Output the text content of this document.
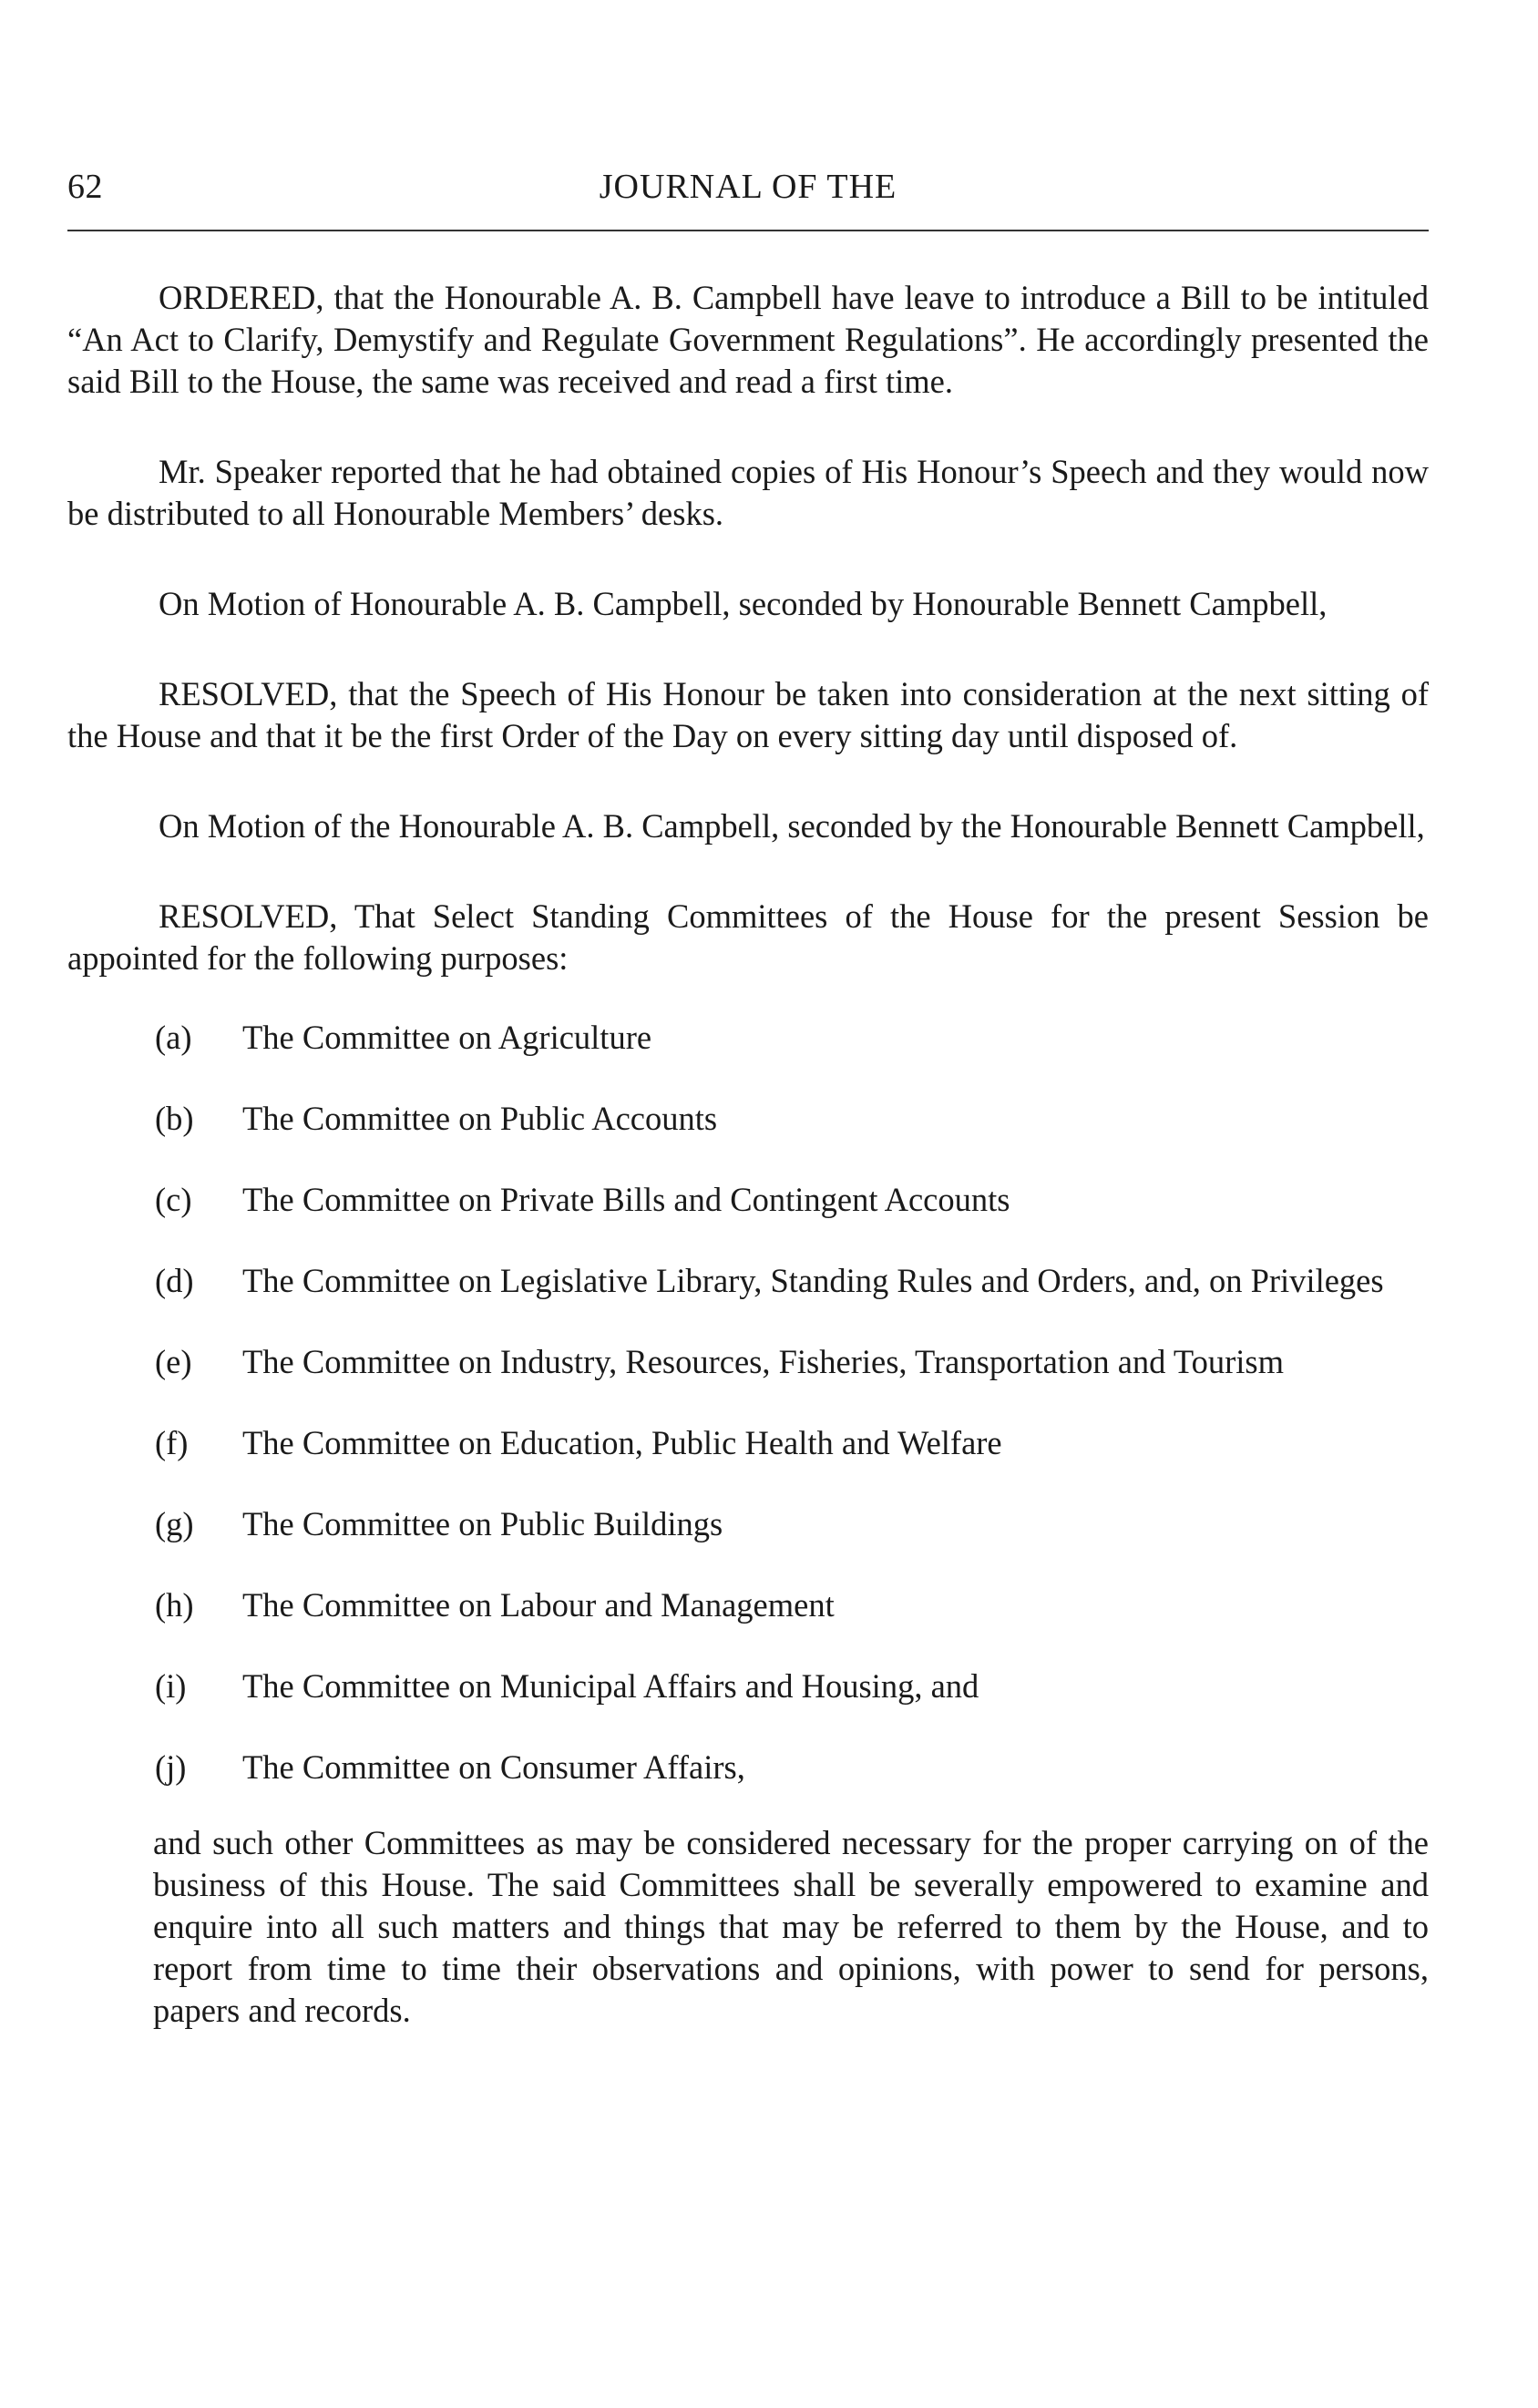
62	JOURNAL OF THE

ORDERED, that the Honourable A. B. Campbell have leave to introduce a Bill to be intituled “An Act to Clarify, Demystify and Regulate Government Regulations”. He accordingly presented the said Bill to the House, the same was received and read a first time.

Mr. Speaker reported that he had obtained copies of His Honour’s Speech and they would now be distributed to all Honourable Members’ desks.

On Motion of Honourable A. B. Campbell, seconded by Honourable Bennett Campbell,

RESOLVED, that the Speech of His Honour be taken into consideration at the next sitting of the House and that it be the first Order of the Day on every sitting day until disposed of.

On Motion of the Honourable A. B. Campbell, seconded by the Honourable Bennett Campbell,

RESOLVED, That Select Standing Committees of the House for the present Session be appointed for the following purposes:

(a)	The Committee on Agriculture
(b)	The Committee on Public Accounts
(c)	The Committee on Private Bills and Contingent Accounts
(d)	The Committee on Legislative Library, Standing Rules and Orders, and, on Privileges
(e)	The Committee on Industry, Resources, Fisheries, Transportation and Tourism
(f)	The Committee on Education, Public Health and Welfare
(g)	The Committee on Public Buildings
(h)	The Committee on Labour and Management
(i)	The Committee on Municipal Affairs and Housing, and
(j)	The Committee on Consumer Affairs,

and such other Committees as may be considered necessary for the proper carrying on of the business of this House. The said Committees shall be severally empowered to examine and enquire into all such matters and things that may be referred to them by the House, and to report from time to time their observations and opinions, with power to send for persons, papers and records.
